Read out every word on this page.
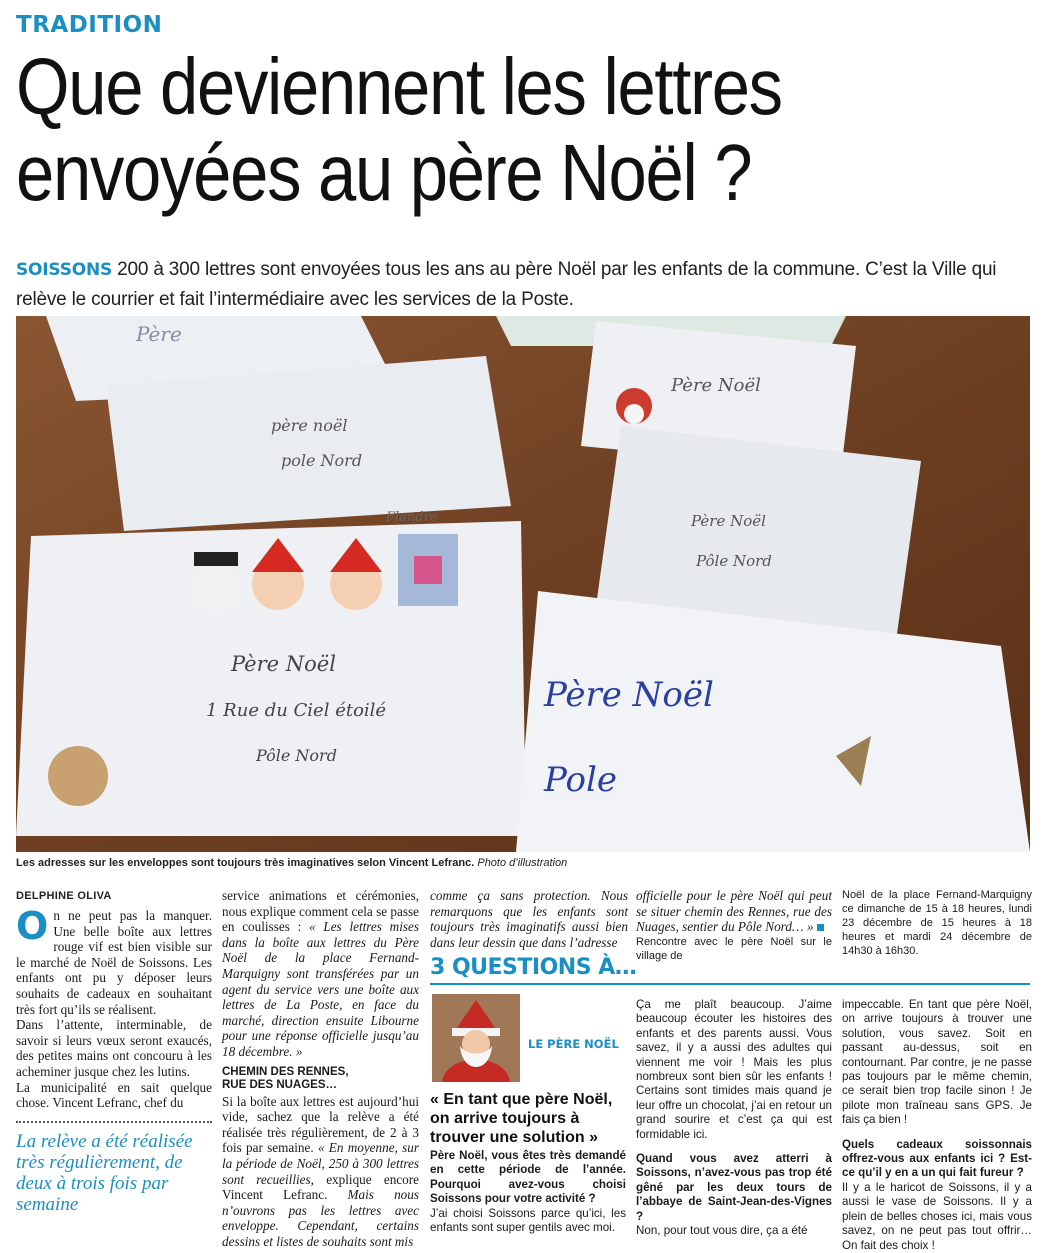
TRADITION
Que deviennent les lettres
envoyées au père Noël ?
SOISSONS 200 à 300 lettres sont envoyées tous les ans au père Noël par les enfants de la commune. C’est la Ville qui relève le courrier et fait l’intermédiaire avec les services de la Poste.
Père
père noël
pole Nord
Flandre
Père Noël
Père Noël
Pôle Nord
Père Noël
1 Rue du Ciel étoilé
Pôle Nord
Père Noël
Pole
Les adresses sur les enveloppes sont toujours très imaginatives selon Vincent Lefranc. Photo d’illustration
DELPHINE OLIVA

On ne peut pas la manquer. Une belle boîte aux lettres rouge vif est bien visible sur le marché de Noël de Soissons. Les enfants ont pu y déposer leurs souhaits de cadeaux en souhaitant très fort qu’ils se réalisent.

Dans l’attente, interminable, de savoir si leurs vœux seront exaucés, des petites mains ont concouru à les acheminer jusque chez les lutins.

La municipalité en sait quelque chose. Vincent Lefranc, chef du

La relève a été réalisée très régulièrement, de deux à trois fois par semaine

service animations et cérémonies, nous explique comment cela se passe en coulisses : « Les lettres mises dans la boîte aux lettres du Père Noël de la place Fernand-Marquigny sont transférées par un agent du service vers une boîte aux lettres de La Poste, en face du marché, direction ensuite Libourne pour une réponse officielle jusqu’au 18 décembre. »

CHEMIN DES RENNES,
RUE DES NUAGES…

Si la boîte aux lettres est aujourd’hui vide, sachez que la relève a été réalisée très régulièrement, de 2 à 3 fois par semaine. « En moyenne, sur la période de Noël, 250 à 300 lettres sont recueillies, explique encore Vincent Lefranc. Mais nous n’ouvrons pas les lettres avec enveloppe. Cependant, certains dessins et listes de souhaits sont mis

comme ça sans protection. Nous remarquons que les enfants sont toujours très imaginatifs aussi bien dans leur dessin que dans l’adresse

officielle pour le père Noël qui peut se situer chemin des Rennes, rue des Nuages, sentier du Pôle Nord… »

Rencontre avec le père Noël sur le village de

Noël de la place Fernand-Marquigny ce dimanche de 15 à 18 heures, lundi 23 décembre de 15 heures à 18 heures et mardi 24 décembre de 14h30 à 16h30.

3 QUESTIONS À…
LE PÈRE NOËL
« En tant que père Noël, on arrive toujours à trouver une solution »

Père Noël, vous êtes très demandé en cette période de l’année. Pourquoi avez-vous choisi Soissons pour votre activité ?

J’ai choisi Soissons parce qu’ici, les enfants sont super gentils avec moi.

Ça me plaît beaucoup. J’aime beaucoup écouter les histoires des enfants et des parents aussi. Vous savez, il y a aussi des adultes qui viennent me voir ! Mais les plus nombreux sont bien sûr les enfants ! Certains sont timides mais quand je leur offre un chocolat, j’ai en retour un grand sourire et c’est ça qui est formidable ici.

Quand vous avez atterri à Soissons, n’avez-vous pas trop été gêné par les deux tours de l’abbaye de Saint-Jean-des-Vignes ?

Non, pour tout vous dire, ça a été

impeccable. En tant que père Noël, on arrive toujours à trouver une solution, vous savez. Soit en passant au-dessus, soit en contournant. Par contre, je ne passe pas toujours par le même chemin, ce serait bien trop facile sinon ! Je pilote mon traîneau sans GPS. Je fais ça bien !

Quels cadeaux soissonnais offrez-vous aux enfants ici ? Est-ce qu’il y en a un qui fait fureur ?

Il y a le haricot de Soissons, il y a aussi le vase de Soissons. Il y a plein de belles choses ici, mais vous savez, on ne peut pas tout offrir… On fait des choix !
